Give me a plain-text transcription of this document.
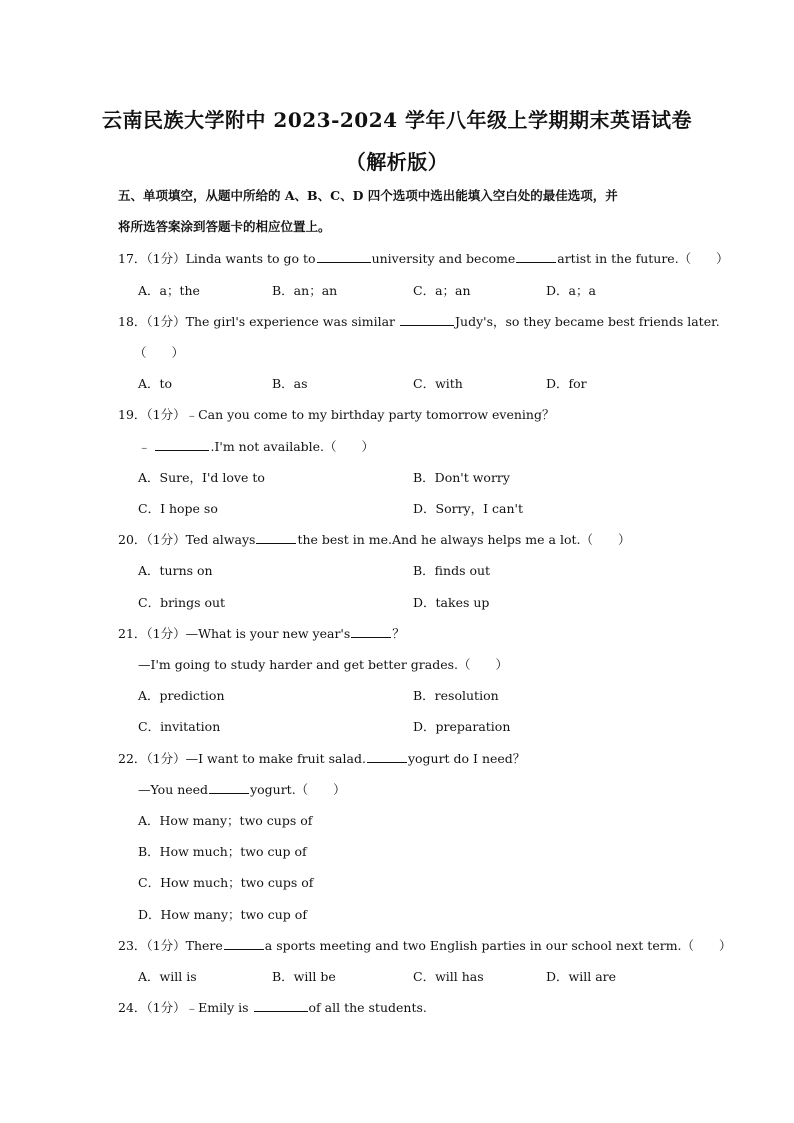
云南民族大学附中 2023-2024 学年八年级上学期期末英语试卷
（解析版）
五、单项填空，从题中所给的 A、B、C、D 四个选项中选出能填入空白处的最佳选项，并
将所选答案涂到答题卡的相应位置上。
17．（1分）Linda wants to go to	university and become	artist in the future.（　　）
A．a；the	B．an；an	C．a；an	D．a；a
18．（1分）The girl's experience was similar	Judy's，so they became best friends later.
（　　）
A．to	B．as	C．with	D．for
19．（1分）﹣Can you come to my birthday party tomorrow evening？
﹣	.I'm not available.（　　）
A．Sure，I'd love to	B．Don't worry
C．I hope so	D．Sorry，I can't
20．（1分）Ted always	the best in me.And he always helps me a lot.（　　）
A．turns on	B．finds out
C．brings out	D．takes up
21．（1分）—What is your new year's	？
—I'm going to study harder and get better grades.（　　）
A．prediction	B．resolution
C．invitation	D．preparation
22．（1分）—I want to make fruit salad.	yogurt do I need？
—You need	yogurt.（　　）
A．How many；two cups of
B．How much；two cup of
C．How much；two cups of
D．How many；two cup of
23．（1分）There	a sports meeting and two English parties in our school next term.（　　）
A．will is	B．will be	C．will has	D．will are
24．（1分）﹣Emily is	of all the students.
